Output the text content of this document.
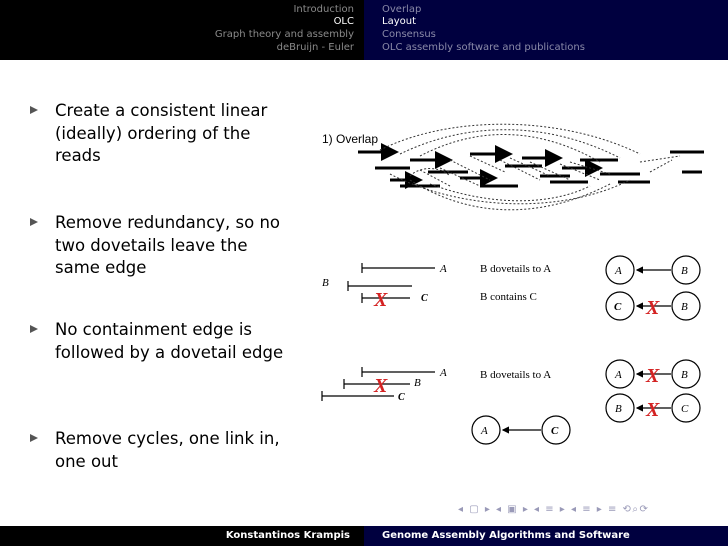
Introduction
OLC
Graph theory and assembly
deBruijn - Euler
Overlap
Layout
Consensus
OLC assembly software and publications
Create a consistent linear (ideally) ordering of the reads
Remove redundancy, so no two dovetails leave the same edge
No containment edge is followed by a dovetail edge
Remove cycles, one link in, one out
1) Overlap
A
B
C
X
B dovetails to A
B contains C
A	B
C	B
X
A
B
C
X	B dovetails to A	A	B
X
B	C
X
A	C
◂ ▢ ▸ ◂ ▣ ▸ ◂ ≡ ▸ ◂ ≡ ▸ ≡ ⟲⌕⟳
Konstantinos Krampis	Genome Assembly Algorithms and Software
